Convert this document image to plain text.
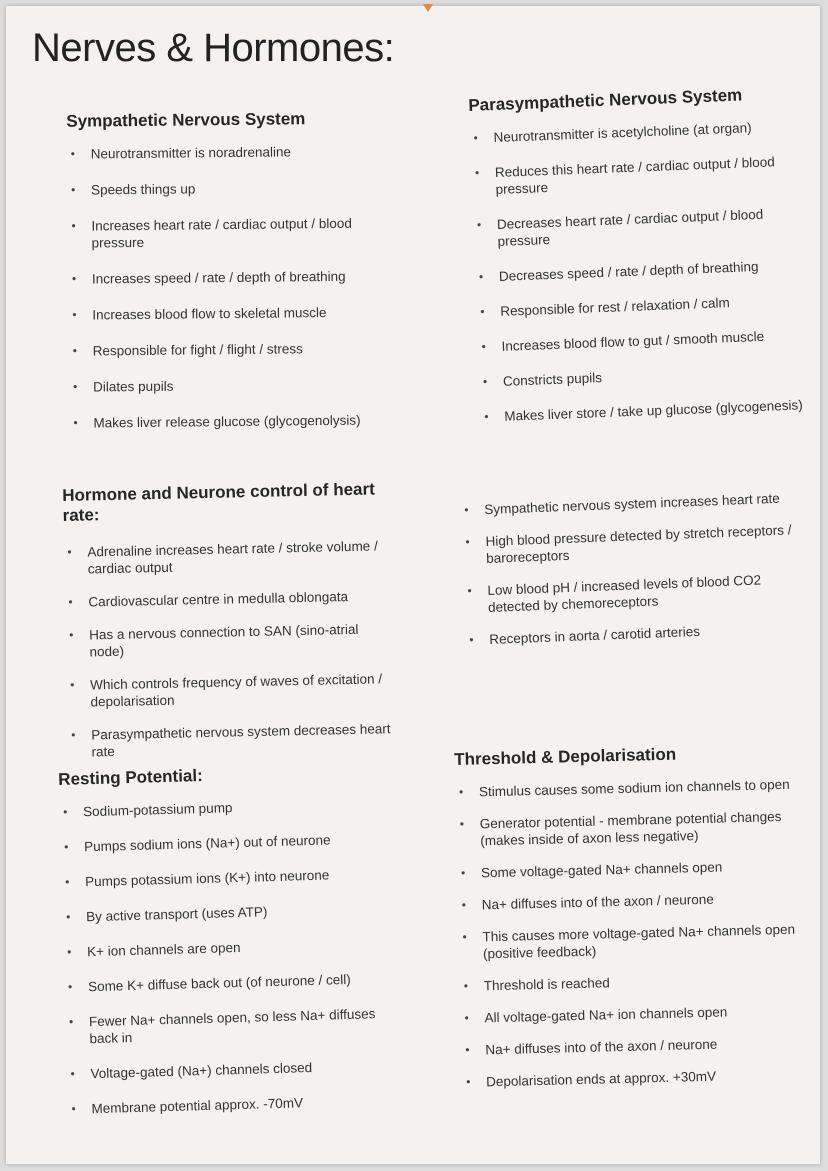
Nerves & Hormones:
Sympathetic Nervous System
• Neurotransmitter is noradrenaline
• Speeds things up
• Increases heart rate / cardiac output / blood pressure
• Increases speed / rate / depth of breathing
• Increases blood flow to skeletal muscle
• Responsible for fight / flight / stress
• Dilates pupils
• Makes liver release glucose (glycogenolysis)
Parasympathetic Nervous System
• Neurotransmitter is acetylcholine (at organ)
• Reduces this heart rate / cardiac output / blood pressure
• Decreases heart rate / cardiac output / blood pressure
• Decreases speed / rate / depth of breathing
• Responsible for rest / relaxation / calm
• Increases blood flow to gut / smooth muscle
• Constricts pupils
• Makes liver store / take up glucose (glycogenesis)
Hormone and Neurone control of heart rate:
• Adrenaline increases heart rate / stroke volume / cardiac output
• Cardiovascular centre in medulla oblongata
• Has a nervous connection to SAN (sino-atrial node)
• Which controls frequency of waves of excitation / depolarisation
• Parasympathetic nervous system decreases heart rate
• Sympathetic nervous system increases heart rate
• High blood pressure detected by stretch receptors / baroreceptors
• Low blood pH / increased levels of blood CO2 detected by chemoreceptors
• Receptors in aorta / carotid arteries
Resting Potential:
• Sodium-potassium pump
• Pumps sodium ions (Na+) out of neurone
• Pumps potassium ions (K+) into neurone
• By active transport (uses ATP)
• K+ ion channels are open
• Some K+ diffuse back out (of neurone / cell)
• Fewer Na+ channels open, so less Na+ diffuses back in
• Voltage-gated (Na+) channels closed
• Membrane potential approx. -70mV
Threshold & Depolarisation
• Stimulus causes some sodium ion channels to open
• Generator potential - membrane potential changes (makes inside of axon less negative)
• Some voltage-gated Na+ channels open
• Na+ diffuses into of the axon / neurone
• This causes more voltage-gated Na+ channels open (positive feedback)
• Threshold is reached
• All voltage-gated Na+ ion channels open
• Na+ diffuses into of the axon / neurone
• Depolarisation ends at approx. +30mV
